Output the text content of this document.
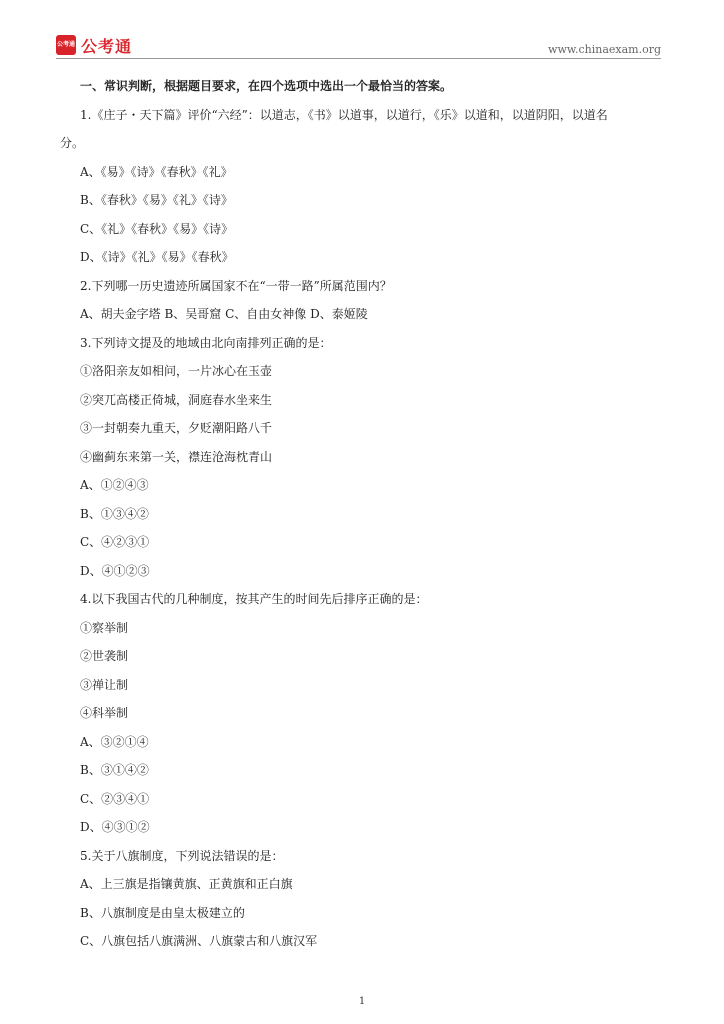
公考通 公考通	www.chinaexam.org
一、常识判断，根据题目要求，在四个选项中选出一个最恰当的答案。
1.《庄子・天下篇》评价“六经”：以道志，《书》以道事，以道行，《乐》以道和，以道阴阳，以道名
分。
A、《易》《诗》《春秋》《礼》
B、《春秋》《易》《礼》《诗》
C、《礼》《春秋》《易》《诗》
D、《诗》《礼》《易》《春秋》
2.下列哪一历史遗迹所属国家不在“一带一路”所属范围内？
A、胡夫金字塔 B、吴哥窟 C、自由女神像 D、泰姬陵
3.下列诗文提及的地域由北向南排列正确的是：
①洛阳亲友如相问，一片冰心在玉壶
②突兀高楼正倚城，洞庭春水坐来生
③一封朝奏九重天，夕贬潮阳路八千
④幽蓟东来第一关，襟连沧海枕青山
A、①②④③
B、①③④②
C、④②③①
D、④①②③
4.以下我国古代的几种制度，按其产生的时间先后排序正确的是：
①察举制
②世袭制
③禅让制
④科举制
A、③②①④
B、③①④②
C、②③④①
D、④③①②
5.关于八旗制度，下列说法错误的是：
A、上三旗是指镶黄旗、正黄旗和正白旗
B、八旗制度是由皇太极建立的
C、八旗包括八旗满洲、八旗蒙古和八旗汉军
1
